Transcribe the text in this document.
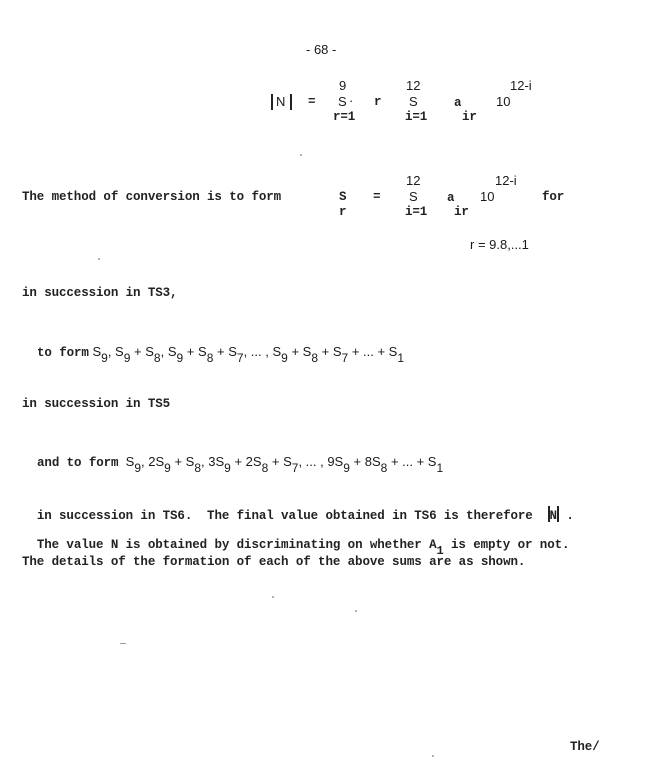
- 68 -
N =
9
S ·
r=1
r
12
S
i=1
a
ir
10
12-i
The method of conversion is to form	S
r
=
12
S
i=1
a
ir
10
12-i
for
r = 9.8,...1
in succession in TS3,

to form S9, S9 + S8, S9 + S8 + S7, ... , S9 + S8 + S7 + ... + S1

in succession in TS5

and to form S9, 2S9 + S8, 3S9 + 2S8 + S7, ... , 9S9 + 8S8 + ... + S1

in succession in TS6.  The final value obtained in TS6 is therefore N .

The value N is obtained by discriminating on whether A1 is empty or not.

The details of the formation of each of the above sums are as shown.
The/
